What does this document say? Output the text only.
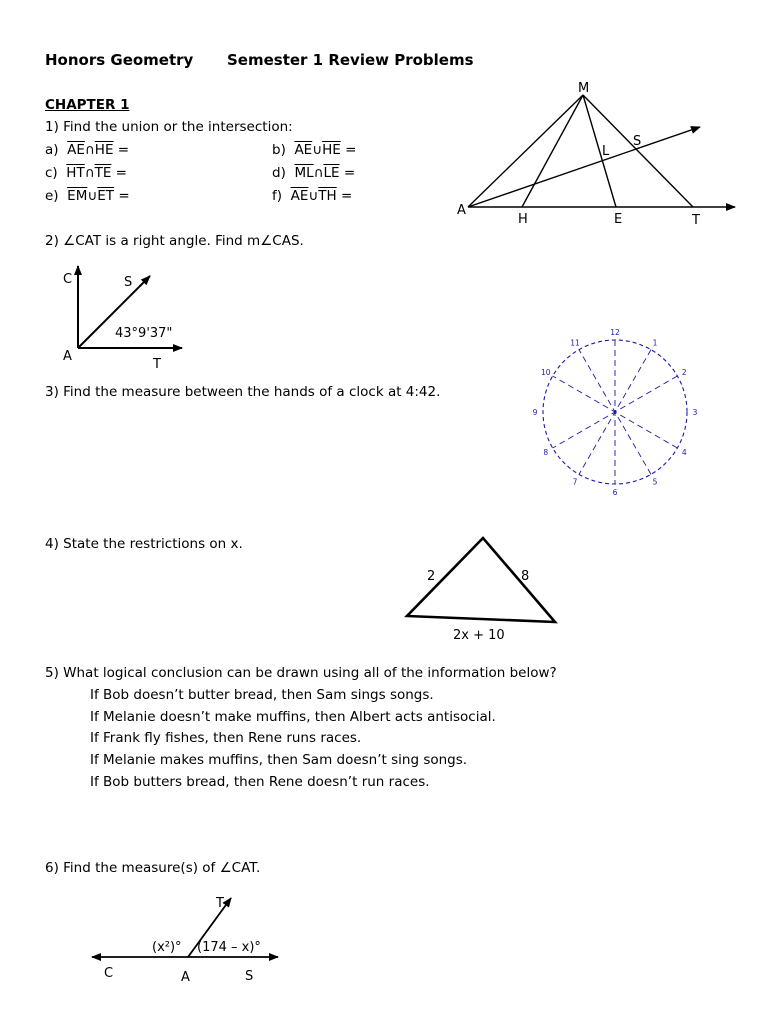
Honors Geometry Semester 1 Review Problems
CHAPTER 1
1) Find the union or the intersection:
a) $\overline{AE}\cap\overline{HE}$ =	b) $\overline{AE}\cup\overline{HE}$ =
c) $\overline{HT}\cap\overline{TE}$ =	d) $\overline{ML}\cap\overline{LE}$ =
e) $\overline{EM}\cup\overline{ET}$ =	f) $\overline{AE}\cup\overline{TH}$ =
M
S
L
A
H	E	T
2) ∠CAT is a right angle. Find m∠CAS.
C	S
A
T
43°9'37"
3) Find the measure between the hands of a clock at 4:42.
12
1
2
3
4
5
6
7
8
9
10
11
4) State the restrictions on x.
2	8
2x + 10
5) What logical conclusion can be drawn using all of the information below?
If Bob doesn’t butter bread, then Sam sings songs.
If Melanie doesn’t make muffins, then Albert acts antisocial.
If Frank fly fishes, then Rene runs races.
If Melanie makes muffins, then Sam doesn’t sing songs.
If Bob butters bread, then Rene doesn’t run races.
6) Find the measure(s) of ∠CAT.
T
C	A	S
(x²)° (174 – x)°
